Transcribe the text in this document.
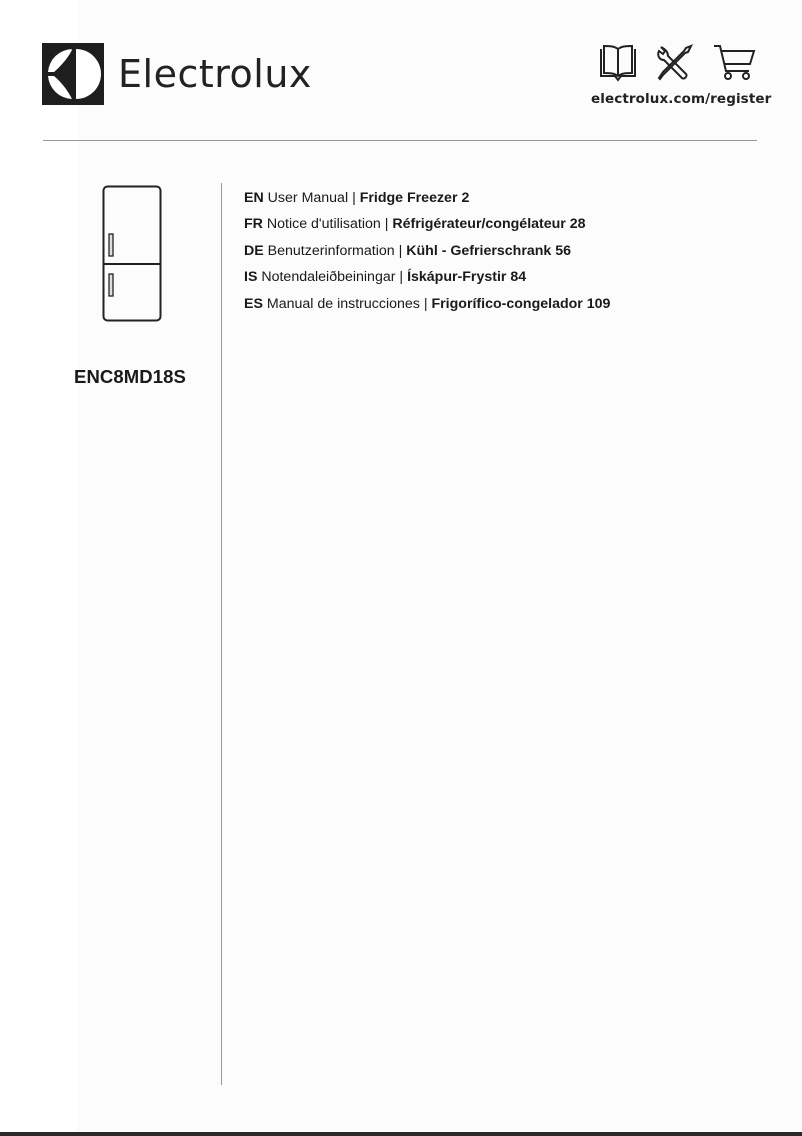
Electrolux
electrolux.com/register
ENC8MD18S
EN User Manual | Fridge Freezer 2
FR Notice d'utilisation | Réfrigérateur/congélateur 28
DE Benutzerinformation | Kühl - Gefrierschrank 56
IS Notendaleiðbeiningar | Ískápur-Frystir 84
ES Manual de instrucciones | Frigorífico-congelador 109
